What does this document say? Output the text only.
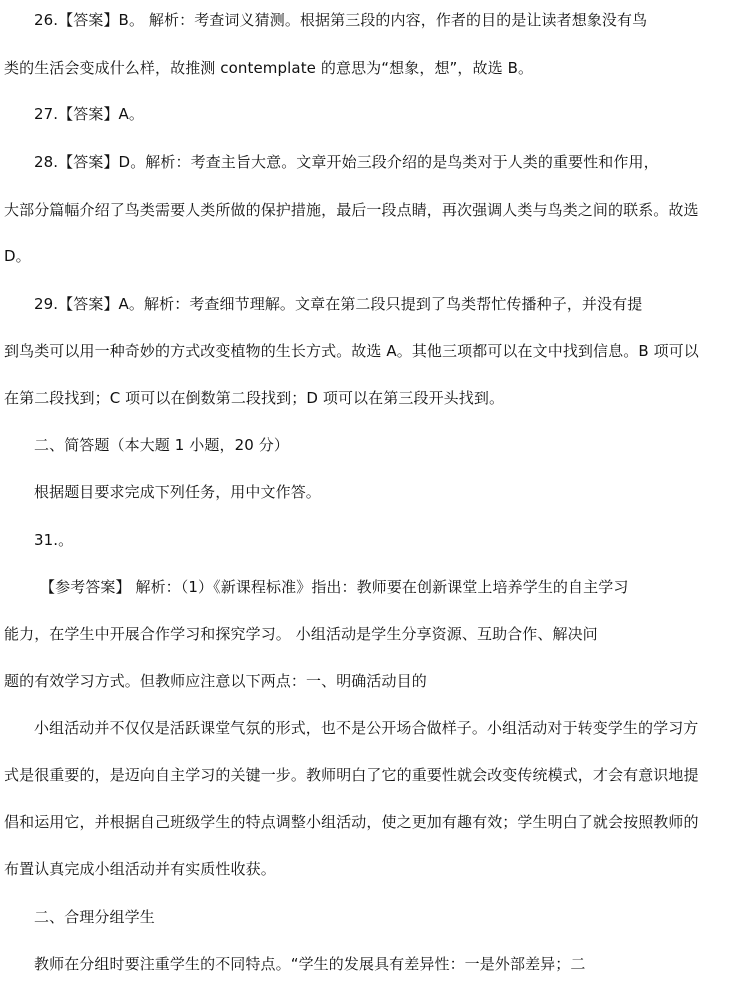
26.【答案】B。 解析：考查词义猜测。根据第三段的内容，作者的目的是让读者想象没有鸟
类的生活会变成什么样，故推测 contemplate 的意思为“想象，想”，故选 B。
27.【答案】A。
28.【答案】D。解析：考查主旨大意。文章开始三段介绍的是鸟类对于人类的重要性和作用，
大部分篇幅介绍了鸟类需要人类所做的保护措施，最后一段点睛，再次强调人类与鸟类之间的联系。故选
D。
29.【答案】A。解析：考查细节理解。文章在第二段只提到了鸟类帮忙传播种子，并没有提
到鸟类可以用一种奇妙的方式改变植物的生长方式。故选 A。其他三项都可以在文中找到信息。B 项可以
在第二段找到；C 项可以在倒数第二段找到；D 项可以在第三段开头找到。
二、简答题（本大题 1 小题，20 分）
根据题目要求完成下列任务，用中文作答。
31.。
【参考答案】 解析：（1）《新课程标准》指出：教师要在创新课堂上培养学生的自主学习
能力，在学生中开展合作学习和探究学习。 小组活动是学生分享资源、互助合作、解决问
题的有效学习方式。但教师应注意以下两点：一、明确活动目的
小组活动并不仅仅是活跃课堂气氛的形式，也不是公开场合做样子。小组活动对于转变学生的学习方
式是很重要的，是迈向自主学习的关键一步。教师明白了它的重要性就会改变传统模式，才会有意识地提
倡和运用它，并根据自己班级学生的特点调整小组活动，使之更加有趣有效；学生明白了就会按照教师的
布置认真完成小组活动并有实质性收获。
二、合理分组学生
教师在分组时要注重学生的不同特点。“学生的发展具有差异性：一是外部差异；二
